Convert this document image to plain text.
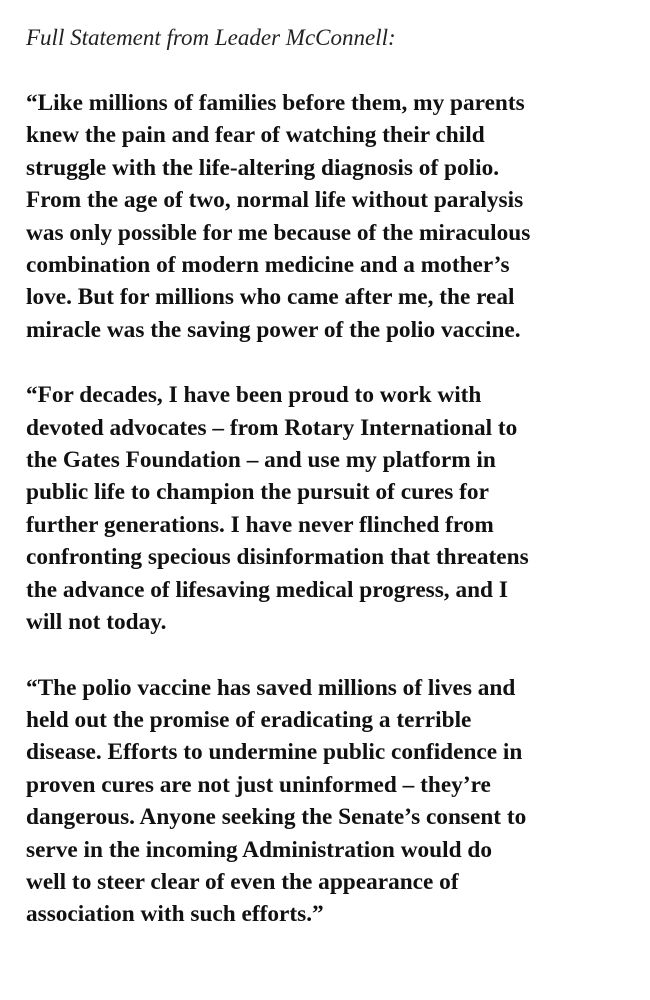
Full Statement from Leader McConnell:
“Like millions of families before them, my parents
knew the pain and fear of watching their child
struggle with the life-altering diagnosis of polio.
From the age of two, normal life without paralysis
was only possible for me because of the miraculous
combination of modern medicine and a mother’s
love. But for millions who came after me, the real
miracle was the saving power of the polio vaccine.
“For decades, I have been proud to work with
devoted advocates – from Rotary International to
the Gates Foundation – and use my platform in
public life to champion the pursuit of cures for
further generations. I have never flinched from
confronting specious disinformation that threatens
the advance of lifesaving medical progress, and I
will not today.
“The polio vaccine has saved millions of lives and
held out the promise of eradicating a terrible
disease. Efforts to undermine public confidence in
proven cures are not just uninformed – they’re
dangerous. Anyone seeking the Senate’s consent to
serve in the incoming Administration would do
well to steer clear of even the appearance of
association with such efforts.”
